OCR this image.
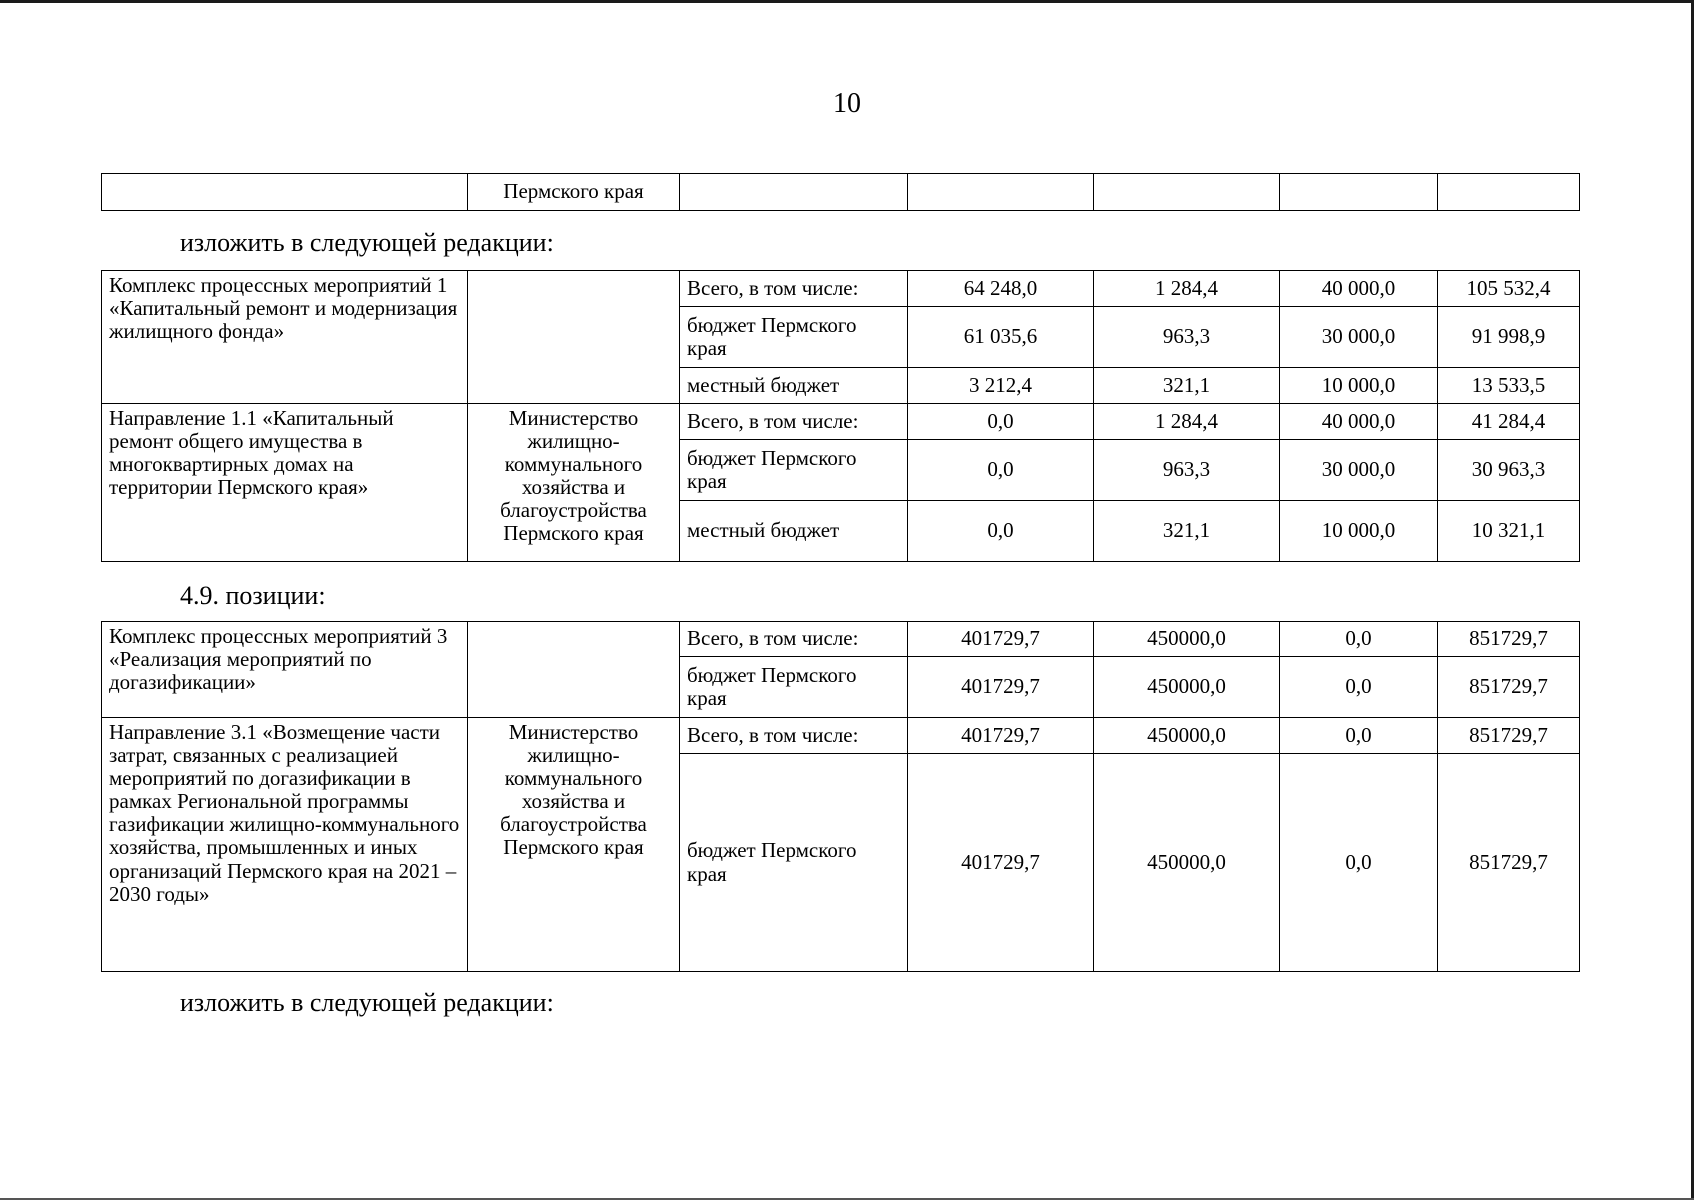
10
	Пермского края					
изложить в следующей редакции:
Комплекс процессных мероприятий 1 «Капитальный ремонт и модернизация жилищного фонда»		Всего, в том числе:	64 248,0	1 284,4	40 000,0	105 532,4
		бюджет Пермского края	61 035,6	963,3	30 000,0	91 998,9
		местный бюджет	3 212,4	321,1	10 000,0	13 533,5
Направление 1.1 «Капитальный ремонт общего имущества в многоквартирных домах на территории Пермского края»	Министерство жилищно-коммунального хозяйства и благоустройства Пермского края	Всего, в том числе:	0,0	1 284,4	40 000,0	41 284,4
		бюджет Пермского края	0,0	963,3	30 000,0	30 963,3
		местный бюджет	0,0	321,1	10 000,0	10 321,1
4.9. позиции:
Комплекс процессных мероприятий 3 «Реализация мероприятий по догазификации»		Всего, в том числе:	401729,7	450000,0	0,0	851729,7
		бюджет Пермского края	401729,7	450000,0	0,0	851729,7
Направление 3.1 «Возмещение части затрат, связанных с реализацией мероприятий по догазификации в рамках Региональной программы газификации жилищно-коммунального хозяйства, промышленных и иных организаций Пермского края на 2021 – 2030 годы»	Министерство жилищно-коммунального хозяйства и благоустройства Пермского края	Всего, в том числе:	401729,7	450000,0	0,0	851729,7
		бюджет Пермского края	401729,7	450000,0	0,0	851729,7
изложить в следующей редакции:
